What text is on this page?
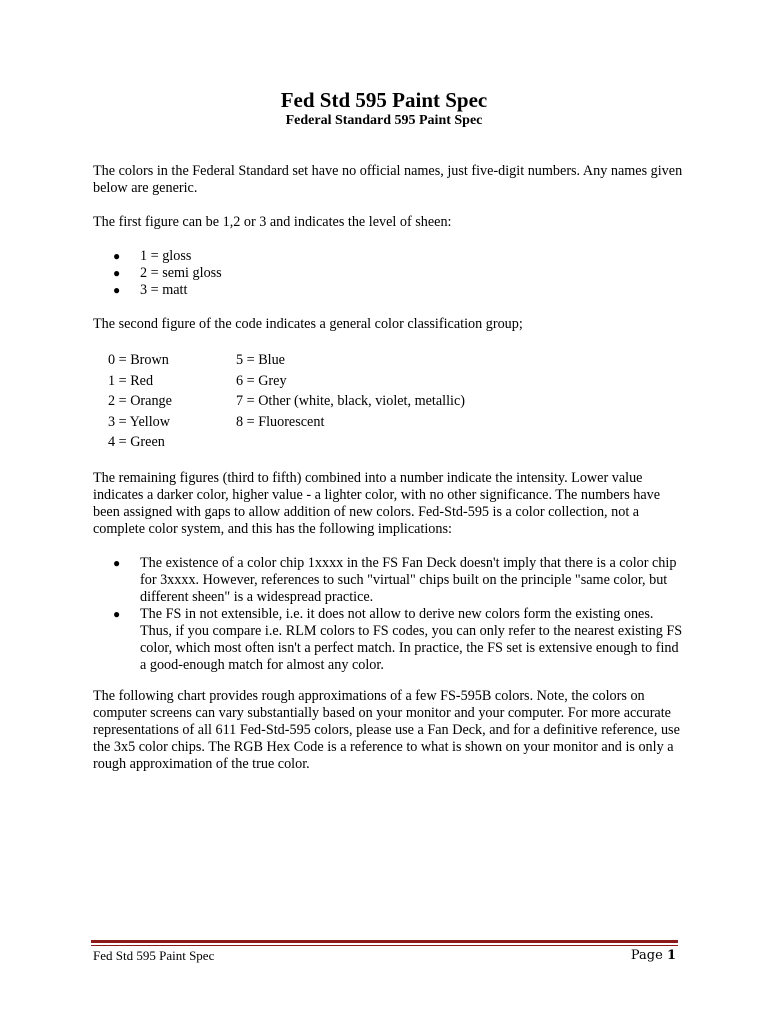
Fed Std 595 Paint Spec
Federal Standard 595 Paint Spec

The colors in the Federal Standard set have no official names, just five-digit numbers. Any names given below are generic.

The first figure can be 1,2 or 3 and indicates the level of sheen:

● 1 = gloss
● 2 = semi gloss
● 3 = matt

The second figure of the code indicates a general color classification group;

0 = Brown
1 = Red
2 = Orange
3 = Yellow
4 = Green
5 = Blue
6 = Grey
7 = Other (white, black, violet, metallic)
8 = Fluorescent

The remaining figures (third to fifth) combined into a number indicate the intensity. Lower value indicates a darker color, higher value - a lighter color, with no other significance. The numbers have been assigned with gaps to allow addition of new colors. Fed-Std-595 is a color collection, not a complete color system, and this has the following implications:

● The existence of a color chip 1xxxx in the FS Fan Deck doesn't imply that there is a color chip for 3xxxx. However, references to such "virtual" chips built on the principle "same color, but different sheen" is a widespread practice.
● The FS in not extensible, i.e. it does not allow to derive new colors form the existing ones. Thus, if you compare i.e. RLM colors to FS codes, you can only refer to the nearest existing FS color, which most often isn't a perfect match. In practice, the FS set is extensive enough to find a good-enough match for almost any color.

The following chart provides rough approximations of a few FS-595B colors. Note, the colors on computer screens can vary substantially based on your monitor and your computer. For more accurate representations of all 611 Fed-Std-595 colors, please use a Fan Deck, and for a definitive reference, use the 3x5 color chips. The RGB Hex Code is a reference to what is shown on your monitor and is only a rough approximation of the true color.

Fed Std 595 Paint Spec	Page 1
